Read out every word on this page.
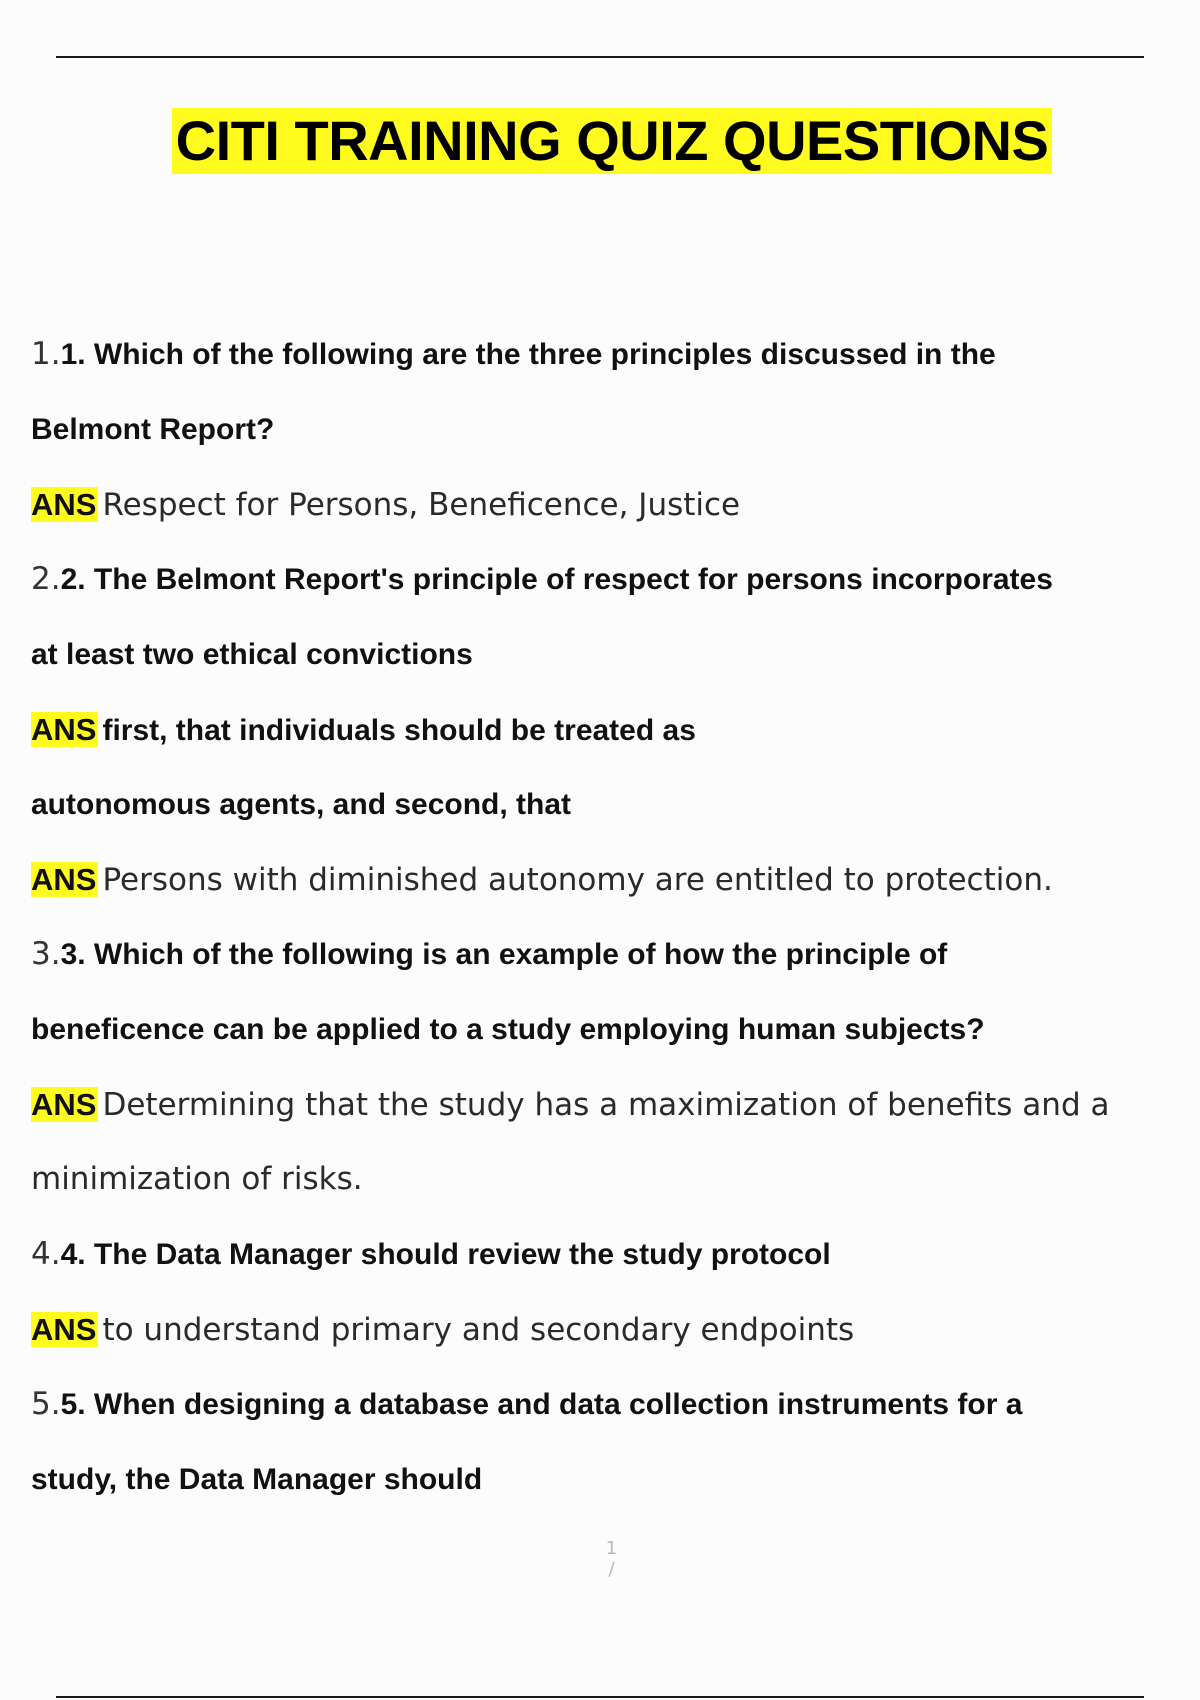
CITI TRAINING QUIZ QUESTIONS
1.1. Which of the following are the three principles discussed in the
Belmont Report?
ANS Respect for Persons, Beneficence, Justice
2.2. The Belmont Report's principle of respect for persons incorporates
at least two ethical convictions
ANS first, that individuals should be treated as
autonomous agents, and second, that
ANS Persons with diminished autonomy are entitled to protection.
3.3. Which of the following is an example of how the principle of
beneficence can be applied to a study employing human subjects?
ANS Determining that the study has a maximization of benefits and a
minimization of risks.
4.4. The Data Manager should review the study protocol
ANS to understand primary and secondary endpoints
5.5. When designing a database and data collection instruments for a
study, the Data Manager should
1 /
